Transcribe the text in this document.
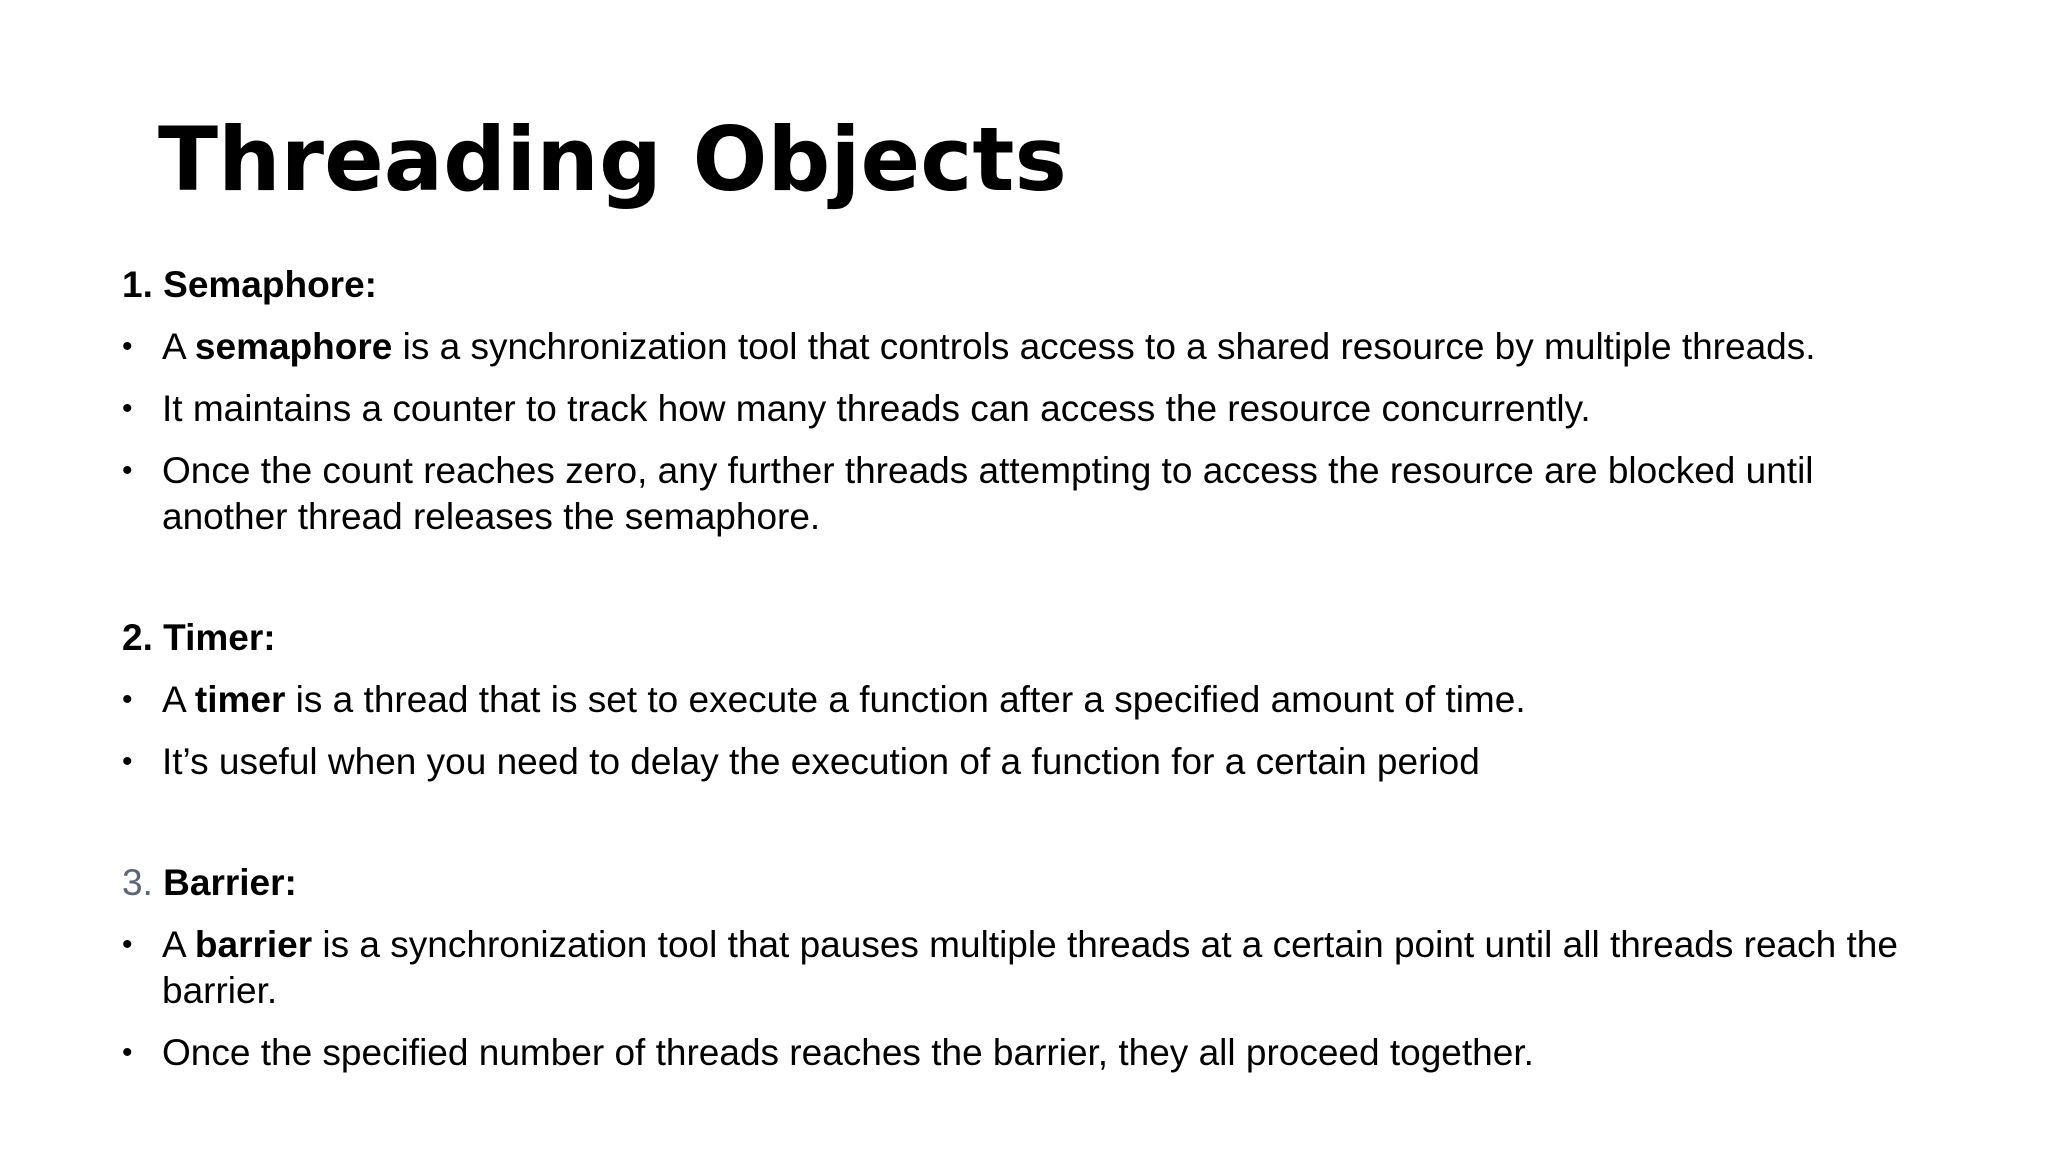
Threading Objects
1. Semaphore:
• A semaphore is a synchronization tool that controls access to a shared resource by multiple threads.
• It maintains a counter to track how many threads can access the resource concurrently.
• Once the count reaches zero, any further threads attempting to access the resource are blocked until another thread releases the semaphore.
2. Timer:
• A timer is a thread that is set to execute a function after a specified amount of time.
• It’s useful when you need to delay the execution of a function for a certain period
3. Barrier:
• A barrier is a synchronization tool that pauses multiple threads at a certain point until all threads reach the barrier.
• Once the specified number of threads reaches the barrier, they all proceed together.
